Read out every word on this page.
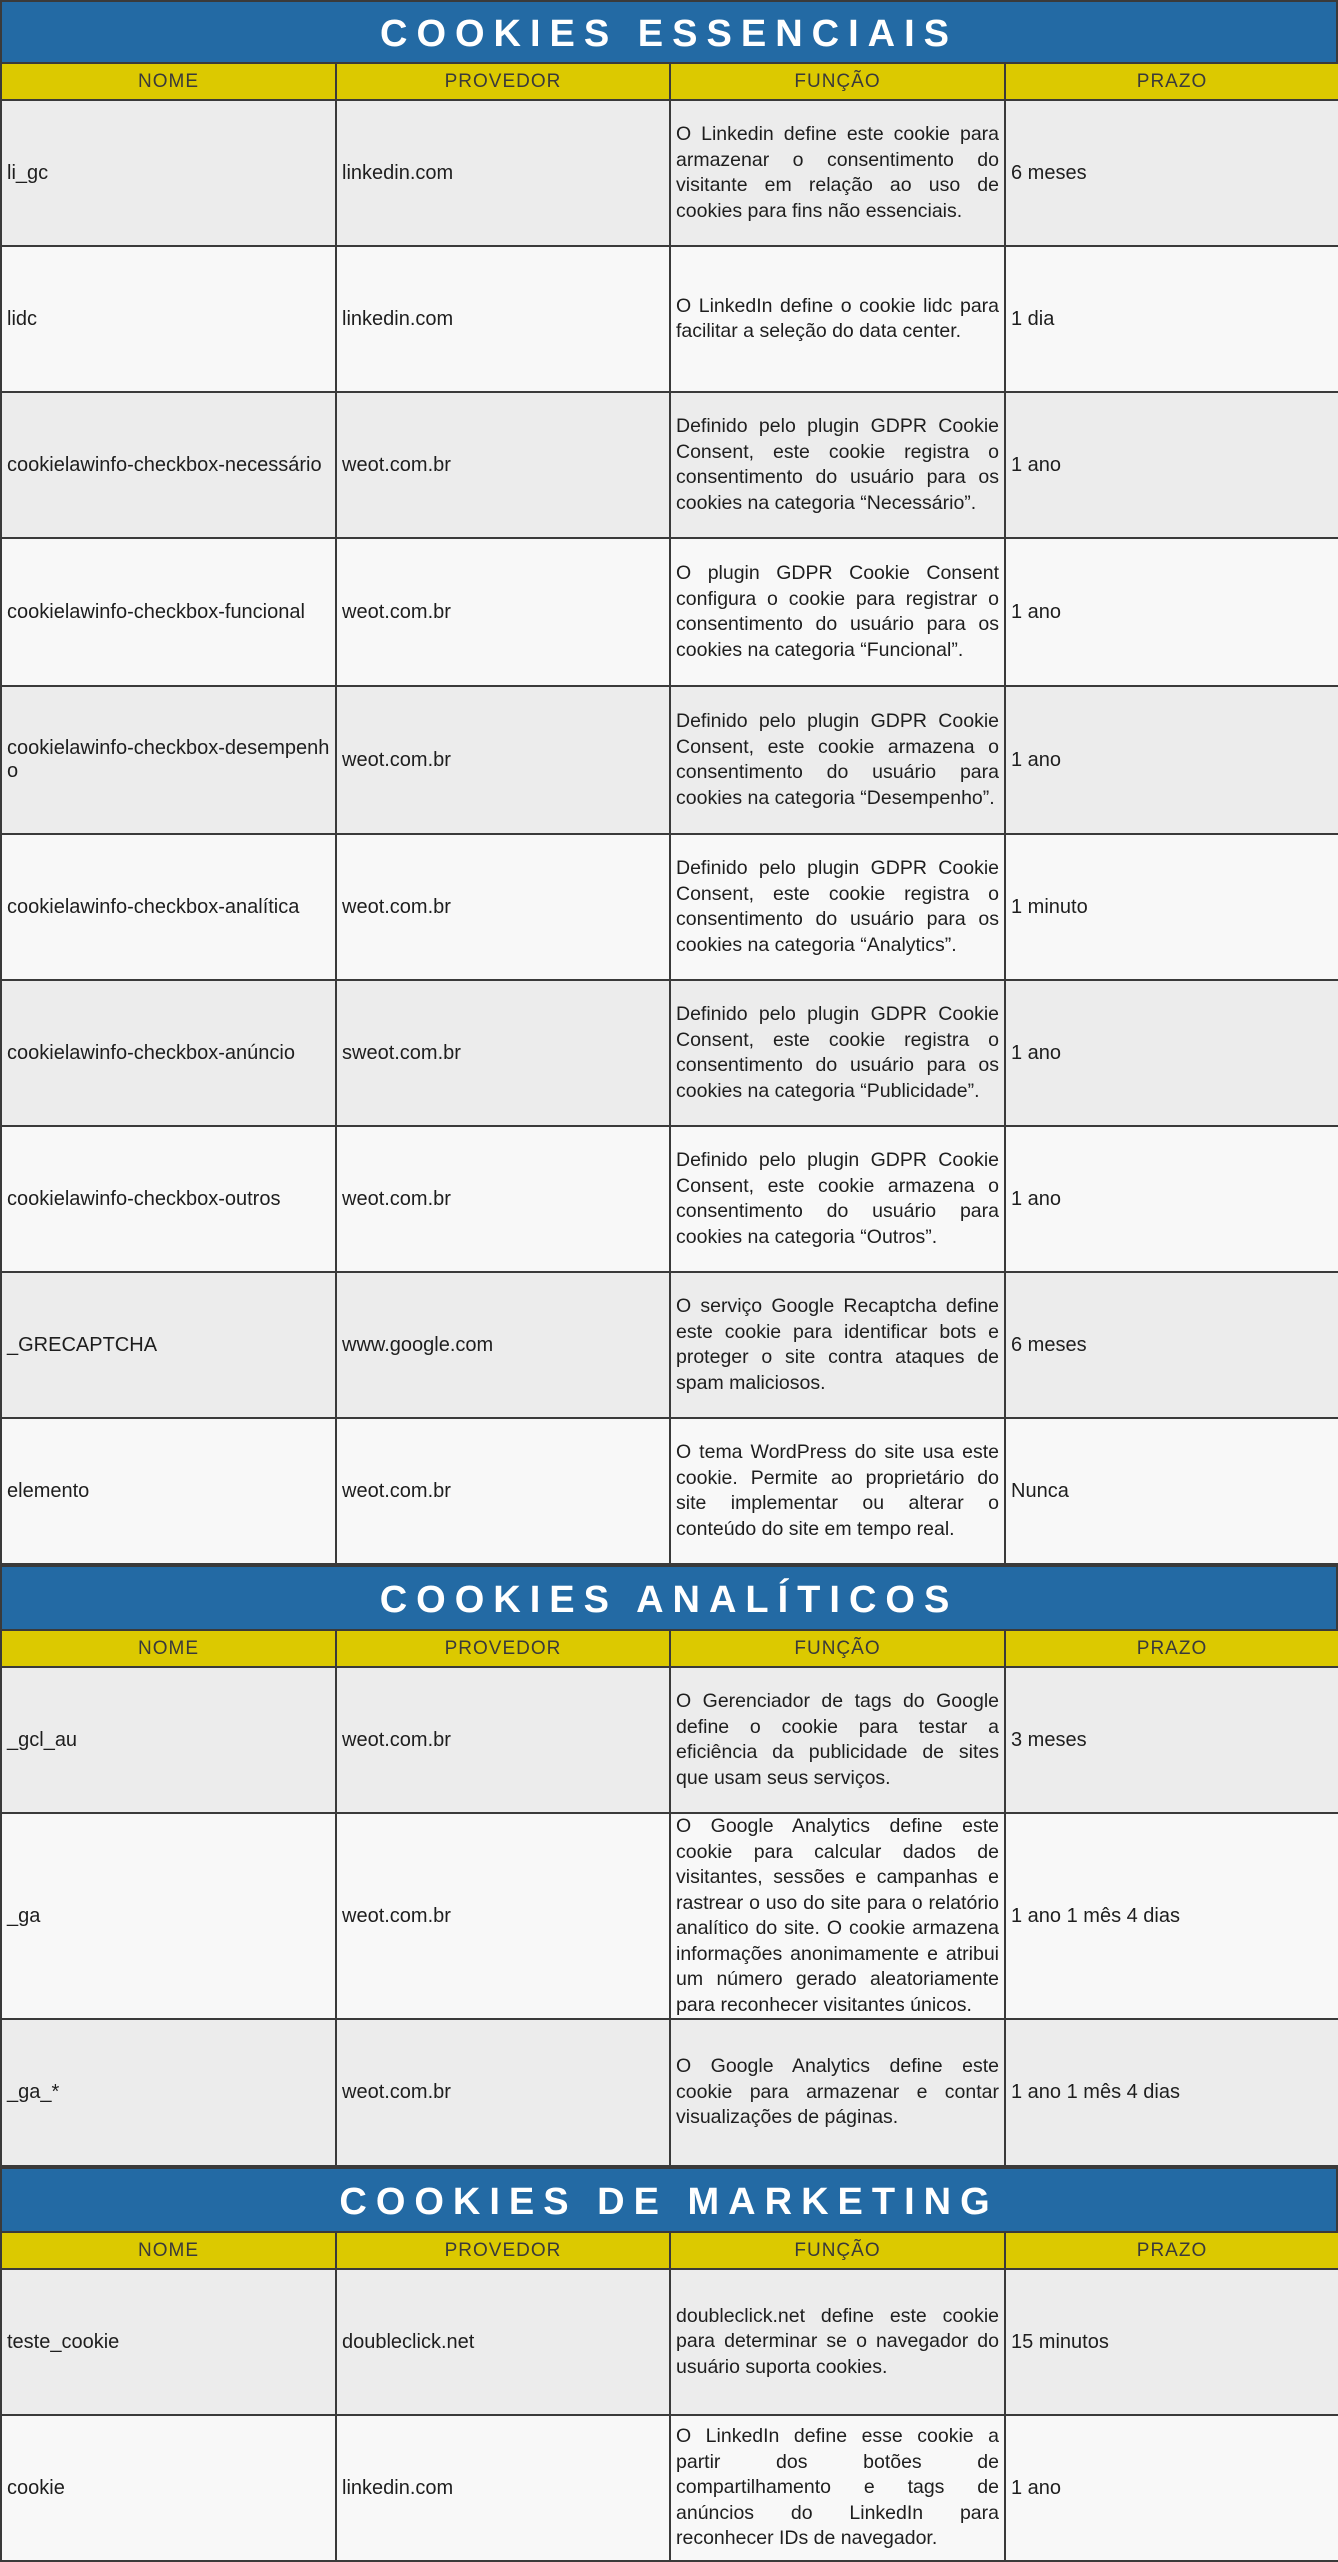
COOKIES ESSENCIAIS
NOME	PROVEDOR	FUNÇÃO	PRAZO
li_gc	linkedin.com	O Linkedin define este cookie para armazenar o consentimento do visitante em relação ao uso de cookies para fins não essenciais.	6 meses
lidc	linkedin.com	O LinkedIn define o cookie lidc para facilitar a seleção do data center.	1 dia
cookielawinfo-checkbox-necessário	weot.com.br	Definido pelo plugin GDPR Cookie Consent, este cookie registra o consentimento do usuário para os cookies na categoria “Necessário”.	1 ano
cookielawinfo-checkbox-funcional	weot.com.br	O plugin GDPR Cookie Consent configura o cookie para registrar o consentimento do usuário para os cookies na categoria “Funcional”.	1 ano
cookielawinfo-checkbox-desempenho	weot.com.br	Definido pelo plugin GDPR Cookie Consent, este cookie armazena o consentimento do usuário para cookies na categoria “Desempenho”.	1 ano
cookielawinfo-checkbox-analítica	weot.com.br	Definido pelo plugin GDPR Cookie Consent, este cookie registra o consentimento do usuário para os cookies na categoria “Analytics”.	1 minuto
cookielawinfo-checkbox-anúncio	sweot.com.br	Definido pelo plugin GDPR Cookie Consent, este cookie registra o consentimento do usuário para os cookies na categoria “Publicidade”.	1 ano
cookielawinfo-checkbox-outros	weot.com.br	Definido pelo plugin GDPR Cookie Consent, este cookie armazena o consentimento do usuário para cookies na categoria “Outros”.	1 ano
_GRECAPTCHA	www.google.com	O serviço Google Recaptcha define este cookie para identificar bots e proteger o site contra ataques de spam maliciosos.	6 meses
elemento	weot.com.br	O tema WordPress do site usa este cookie. Permite ao proprietário do site implementar ou alterar o conteúdo do site em tempo real.	Nunca
COOKIES ANALÍTICOS
NOME	PROVEDOR	FUNÇÃO	PRAZO
_gcl_au	weot.com.br	O Gerenciador de tags do Google define o cookie para testar a eficiência da publicidade de sites que usam seus serviços.	3 meses
_ga	weot.com.br	O Google Analytics define este cookie para calcular dados de visitantes, sessões e campanhas e rastrear o uso do site para o relatório analítico do site. O cookie armazena informações anonimamente e atribui um número gerado aleatoriamente para reconhecer visitantes únicos.	1 ano 1 mês 4 dias
_ga_*	weot.com.br	O Google Analytics define este cookie para armazenar e contar visualizações de páginas.	1 ano 1 mês 4 dias
COOKIES DE MARKETING
NOME	PROVEDOR	FUNÇÃO	PRAZO
teste_cookie	doubleclick.net	doubleclick.net define este cookie para determinar se o navegador do usuário suporta cookies.	15 minutos
cookie	linkedin.com	O LinkedIn define esse cookie a partir dos botões de compartilhamento e tags de anúncios do LinkedIn para reconhecer IDs de navegador.	1 ano
